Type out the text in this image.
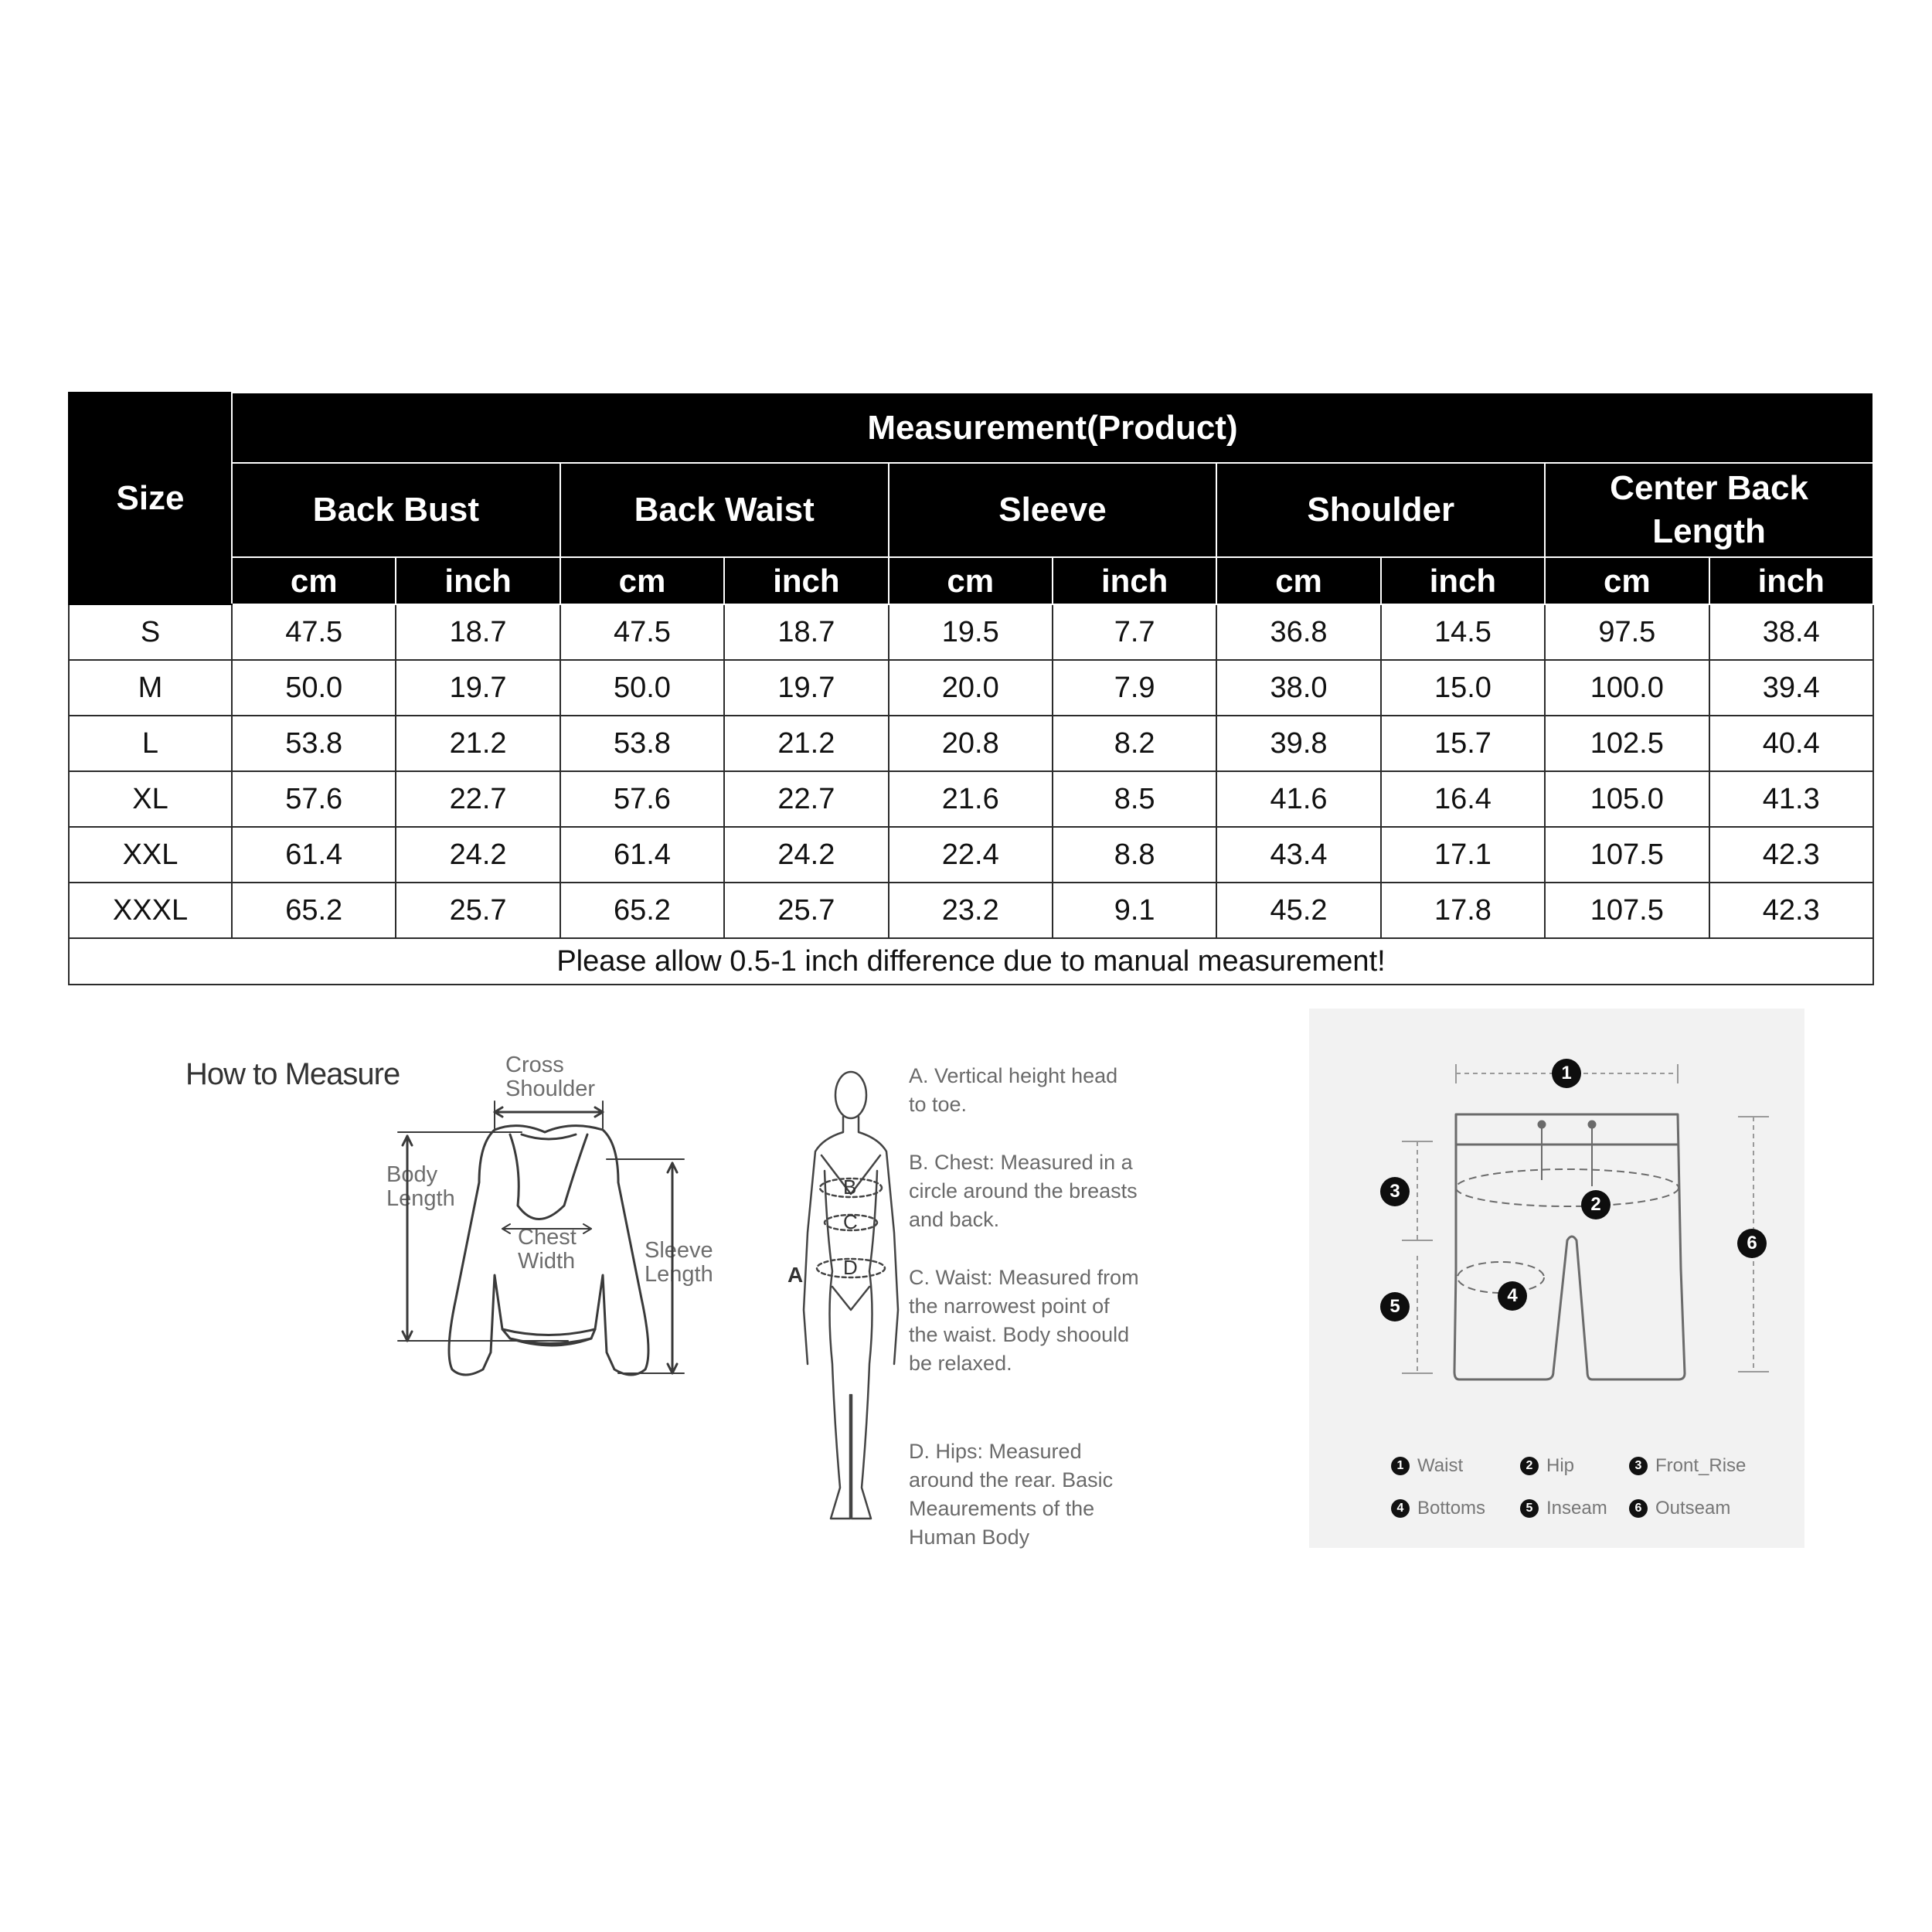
Size	Measurement(Product)									
	Back Bust		Back Waist		Sleeve		Shoulder		Center Back Length	
	cm	inch	cm	inch	cm	inch	cm	inch	cm	inch
S	47.5	18.7	47.5	18.7	19.5	7.7	36.8	14.5	97.5	38.4
M	50.0	19.7	50.0	19.7	20.0	7.9	38.0	15.0	100.0	39.4
L	53.8	21.2	53.8	21.2	20.8	8.2	39.8	15.7	102.5	40.4
XL	57.6	22.7	57.6	22.7	21.6	8.5	41.6	16.4	105.0	41.3
XXL	61.4	24.2	61.4	24.2	22.4	8.8	43.4	17.1	107.5	42.3
XXXL	65.2	25.7	65.2	25.7	23.2	9.1	45.2	17.8	107.5	42.3
Please allow 0.5-1 inch difference due to manual measurement!										
How to Measure	Cross
Shoulder
Body
Length
Chest
Width	Sleeve
Length	A
B
C
D
A. Vertical height head to toe.
B. Chest: Measured in a circle around the breasts and back.
C. Waist: Measured from the narrowest point of the waist. Body shoould be relaxed.
D. Hips: Measured around the rear. Basic Meaurements of the Human Body
1
2
3
4
5
6
1 Waist	2 Hip	3 Front_Rise
4 Bottoms	5 Inseam	6 Outseam
